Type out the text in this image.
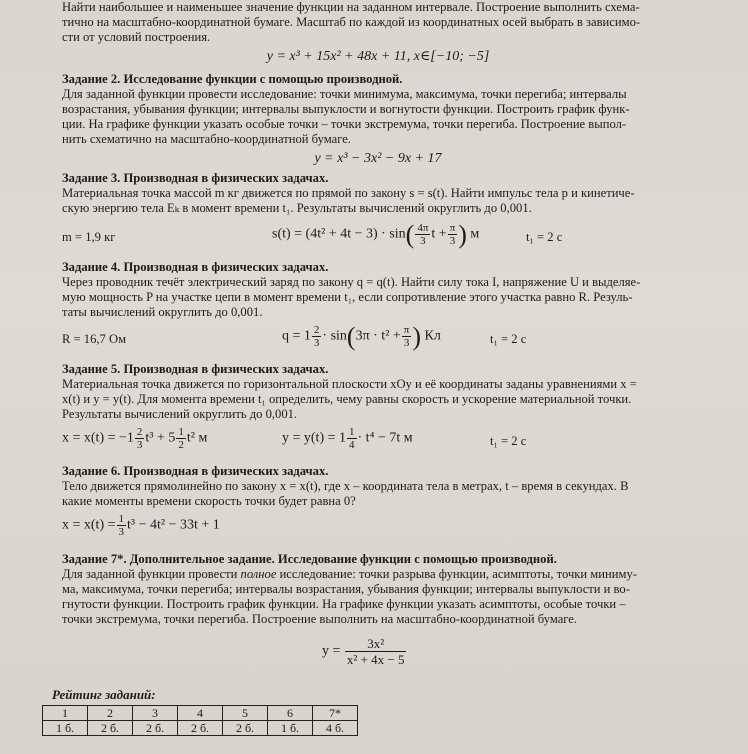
Найти наибольшее и наименьшее значение функции на заданном интервале. Построение выполнить схема-
тично на масштабно-координатной бумаге. Масштаб по каждой из координатных осей выбрать в зависимо-
сти от условий построения.
y = x³ + 15x² + 48x + 11, x∈[−10; −5]
Задание 2. Исследование функции с помощью производной.
Для заданной функции провести исследование: точки минимума, максимума, точки перегиба; интервалы
возрастания, убывания функции; интервалы выпуклости и вогнутости функции. Построить график функ-
ции. На графике функции указать особые точки – точки экстремума, точки перегиба. Построение выпол-
нить схематично на масштабно-координатной бумаге.
y = x³ − 3x² − 9x + 17
Задание 3. Производная в физических задачах.
Материальная точка массой m кг движется по прямой по закону s = s(t). Найти импульс тела p и кинетиче-
скую энергию тела Eₖ в момент времени t₁. Результаты вычислений округлить до 0,001.
m = 1,9 кг	$s(t) = (4t^2 + 4t - 3) \cdot \sin( \frac{4\pi}{3}$ $t + \frac{\pi}{3}$ ) м	t₁ = 2 с
Задание 4. Производная в физических задачах.
Через проводник течёт электрический заряд по закону q = q(t). Найти силу тока I, напряжение U и выделяе-
мую мощность P на участке цепи в момент времени t₁, если сопротивление этого участка равно R. Резуль-
таты вычислений округлить до 0,001.
R = 16,7 Ом	$q = 1 \frac{2}{3} \cdot \sin(3\pi \cdot t^2 + \frac{\pi}{3}$ ) Кл	t₁ = 2 с
Задание 5. Производная в физических задачах.
Материальная точка движется по горизонтальной плоскости xOy и её координаты заданы уравнениями x =
x(t) и y = y(t). Для момента времени t₁ определить, чему равны скорость и ускорение материальной точки.
Результаты вычислений округлить до 0,001.
$x = x(t) = -1 \frac{2}{3} t^3 + 5 \frac{1}{2} t^2$ м	$y = y(t) = 1 \frac{1}{4} \cdot t^4 - 7t$ м	t₁ = 2 с
Задание 6. Производная в физических задачах.
Тело движется прямолинейно по закону x = x(t), где x – координата тела в метрах, t – время в секундах. В
какие моменты времени скорость точки будет равна 0?
$x = x(t) = \frac{1}{3} t^3 - 4t^2 - 33t + 1$
Задание 7*. Дополнительное задание. Исследование функции с помощью производной.
Для заданной функции провести полное исследование: точки разрыва функции, асимптоты, точки миниму-
ма, максимума, точки перегиба; интервалы возрастания, убывания функции; интервалы выпуклости и во-
гнутости функции. Построить график функции. На графике функции указать асимптоты, особые точки –
точки экстремума, точки перегиба. Построение выполнить на масштабно-координатной бумаге.
$y = \frac{\text{3x²}}{\text{x² + 4x − 5}}$
Рейтинг заданий:
1	2	3	4	5	6	7*
1 б.	2 б.	2 б.	2 б.	2 б.	1 б.	4 б.
